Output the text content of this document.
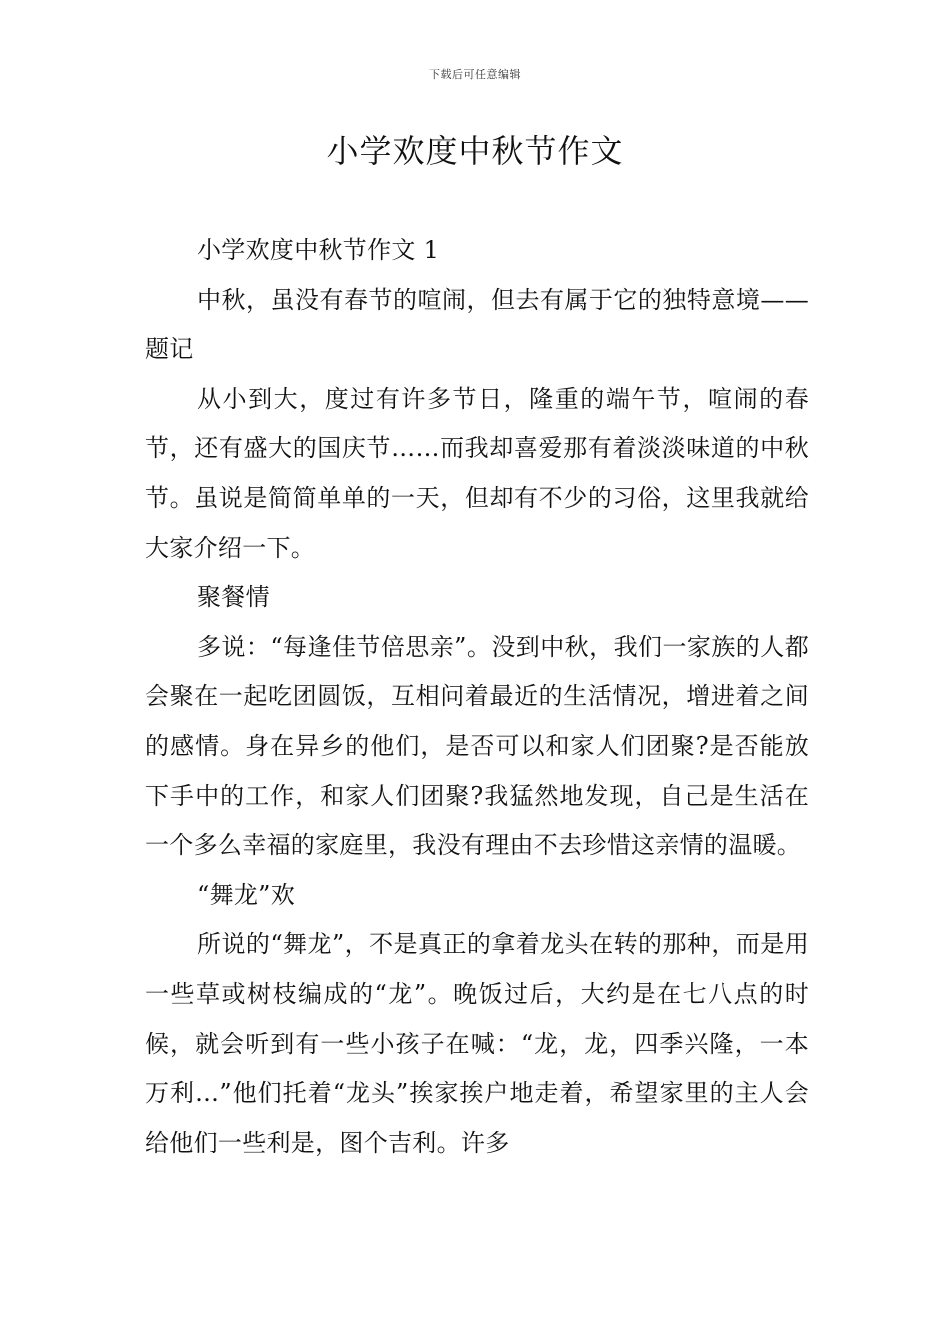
下载后可任意编辑
小学欢度中秋节作文

小学欢度中秋节作文 1

中秋，虽没有春节的喧闹，但去有属于它的独特意境——题记

从小到大，度过有许多节日，隆重的端午节，喧闹的春节，还有盛大的国庆节……而我却喜爱那有着淡淡味道的中秋节。虽说是简简单单的一天，但却有不少的习俗，这里我就给大家介绍一下。

聚餐情

多说：“每逢佳节倍思亲”。没到中秋，我们一家族的人都会聚在一起吃团圆饭，互相问着最近的生活情况，增进着之间的感情。身在异乡的他们，是否可以和家人们团聚?是否能放下手中的工作，和家人们团聚?我猛然地发现，自己是生活在一个多么幸福的家庭里，我没有理由不去珍惜这亲情的温暖。

“舞龙”欢

所说的“舞龙”，不是真正的拿着龙头在转的那种，而是用一些草或树枝编成的“龙”。晚饭过后，大约是在七八点的时候，就会听到有一些小孩子在喊：“龙，龙，四季兴隆，一本万利…”他们托着“龙头”挨家挨户地走着，希望家里的主人会给他们一些利是，图个吉利。许多
